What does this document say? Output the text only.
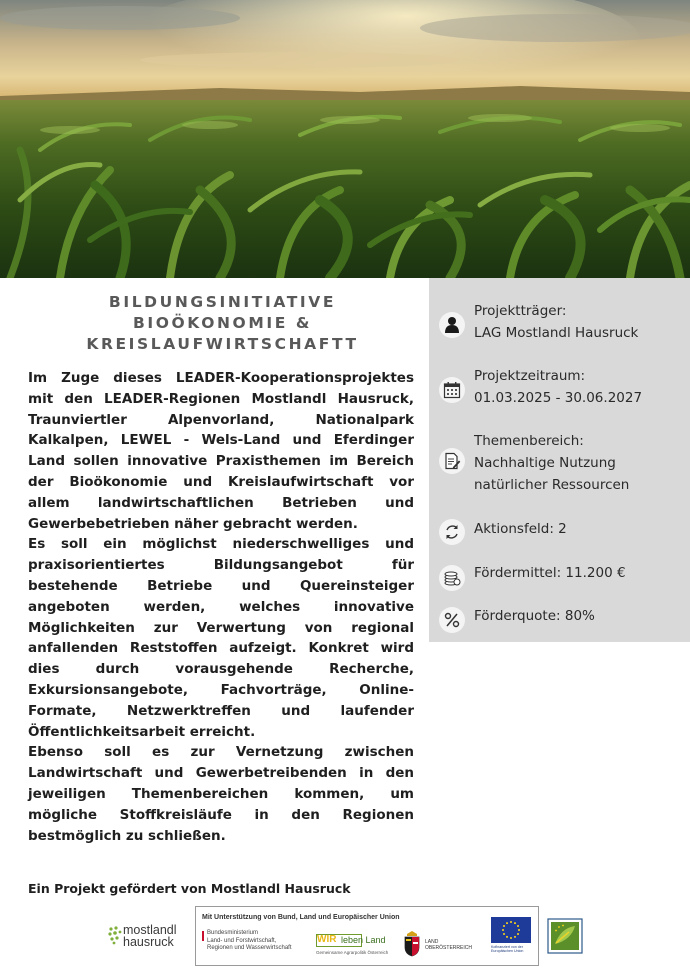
BILDUNGSINITIATIVE
BIOÖKONOMIE &
KREISLAUFWIRTSCHAFTT

Im Zuge dieses LEADER-Kooperationsprojektes mit den LEADER-Regionen Mostlandl Hausruck, Traunviertler Alpenvorland, Nationalpark Kalkalpen, LEWEL - Wels-Land und Eferdinger Land sollen innovative Praxisthemen im Bereich der Bioökonomie und Kreislaufwirtschaft vor allem landwirtschaftlichen Betrieben und Gewerbebetrieben näher gebracht werden.

Es soll ein möglichst niederschwelliges und praxisorientiertes Bildungsangebot für bestehende Betriebe und Quereinsteiger angeboten werden, welches innovative Möglichkeiten zur Verwertung von regional anfallenden Reststoffen aufzeigt. Konkret wird dies durch vorausgehende Recherche, Exkursionsangebote, Fachvorträge, Online-Formate, Netzwerktreffen und laufender Öffentlichkeitsarbeit erreicht.

Ebenso soll es zur Vernetzung zwischen Landwirtschaft und Gewerbetreibenden in den jeweiligen Themenbereichen kommen, um mögliche Stoffkreisläufe in den Regionen bestmöglich zu schließen.

Projektträger:
LAG Mostlandl Hausruck
Projektzeitraum:
01.03.2025 - 30.06.2027
Themenbereich:
Nachhaltige Nutzung
natürlicher Ressourcen
Aktionsfeld: 2
Fördermittel: 11.200 €
Förderquote: 80%
Ein Projekt gefördert von Mostlandl Hausruck
mostlandl
hausruck
Mit Unterstützung von Bund, Land und Europäischer Union
Bundesministerium
Land- und Forstwirtschaft,
Regionen und Wasserwirtschaft
WIR leben Land
Gemeinsame Agrarpolitik Österreich
LAND
OBERÖSTERREICH	Kofinanziert von der
Europäischen Union
